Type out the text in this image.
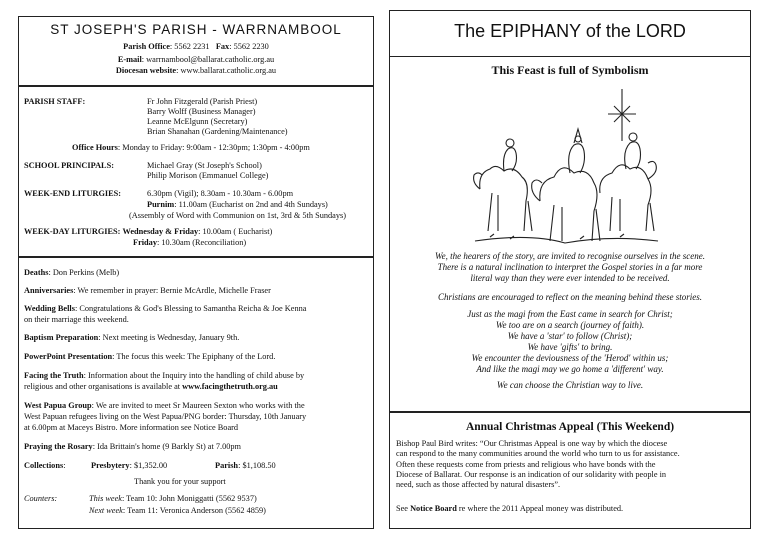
ST JOSEPH'S PARISH - WARRNAMBOOL
Parish Office: 5562 2231 Fax: 5562 2230
E-mail: warrnambool@ballarat.catholic.org.au
Diocesan website: www.ballarat.catholic.org.au
PARISH STAFF:	Fr John Fitzgerald (Parish Priest)
Barry Wolff (Business Manager)
Leanne McElgunn (Secretary)
Brian Shanahan (Gardening/Maintenance)
Office Hours: Monday to Friday: 9:00am - 12:30pm; 1:30pm - 4:00pm
SCHOOL PRINCIPALS:	Michael Gray (St Joseph's School)
Philip Morison (Emmanuel College)
WEEK-END LITURGIES:	6.30pm (Vigil); 8.30am - 10.30am - 6.00pm
Purnim: 11.00am (Eucharist on 2nd and 4th Sundays)
(Assembly of Word with Communion on 1st, 3rd & 5th Sundays)
WEEK-DAY LITURGIES: Wednesday & Friday: 10.00am ( Eucharist)
Friday: 10.30am (Reconciliation)
Deaths: Don Perkins (Melb)
Anniversaries: We remember in prayer: Bernie McArdle, Michelle Fraser
Wedding Bells: Congratulations & God's Blessing to Samantha Reicha & Joe Kenna
on their marriage this weekend.
Baptism Preparation: Next meeting is Wednesday, January 9th.
PowerPoint Presentation: The focus this week: The Epiphany of the Lord.
Facing the Truth: Information about the Inquiry into the handling of child abuse by
religious and other organisations is available at www.facingthetruth.org.au
West Papua Group: We are invited to meet Sr Maureen Sexton who works with the
West Papuan refugees living on the West Papua/PNG border: Thursday, 10th January
at 6.00pm at Maceys Bistro. More information see Notice Board
Praying the Rosary: Ida Brittain's home (9 Barkly St) at 7.00pm
Collections:	Presbytery: $1,352.00	Parish: $1,108.50
Thank you for your support
Counters:	This week: Team 10: John Moniggatti (5562 9537)
Next week: Team 11: Veronica Anderson (5562 4859)
The EPIPHANY of the LORD
This Feast is full of Symbolism

We, the hearers of the story, are invited to recognise ourselves in the scene.

There is a natural inclination to interpret the Gospel stories in a far more

literal way than they were ever intended to be received.

Christians are encouraged to reflect on the meaning behind these stories.

Just as the magi from the East came in search for Christ;

We too are on a search (journey of faith).

We have a 'star' to follow (Christ);

We have 'gifts' to bring.

We encounter the deviousness of the 'Herod' within us;

And like the magi may we go home a 'different' way.

We can choose the Christian way to live.

Annual Christmas Appeal (This Weekend)

Bishop Paul Bird writes: “Our Christmas Appeal is one way by which the diocese

can respond to the many communities around the world who turn to us for assistance.

Often these requests come from priests and religious who have bonds with the

Diocese of Ballarat. Our response is an indication of our solidarity with people in

need, such as those affected by natural disasters”.

See Notice Board re where the 2011 Appeal money was distributed.
